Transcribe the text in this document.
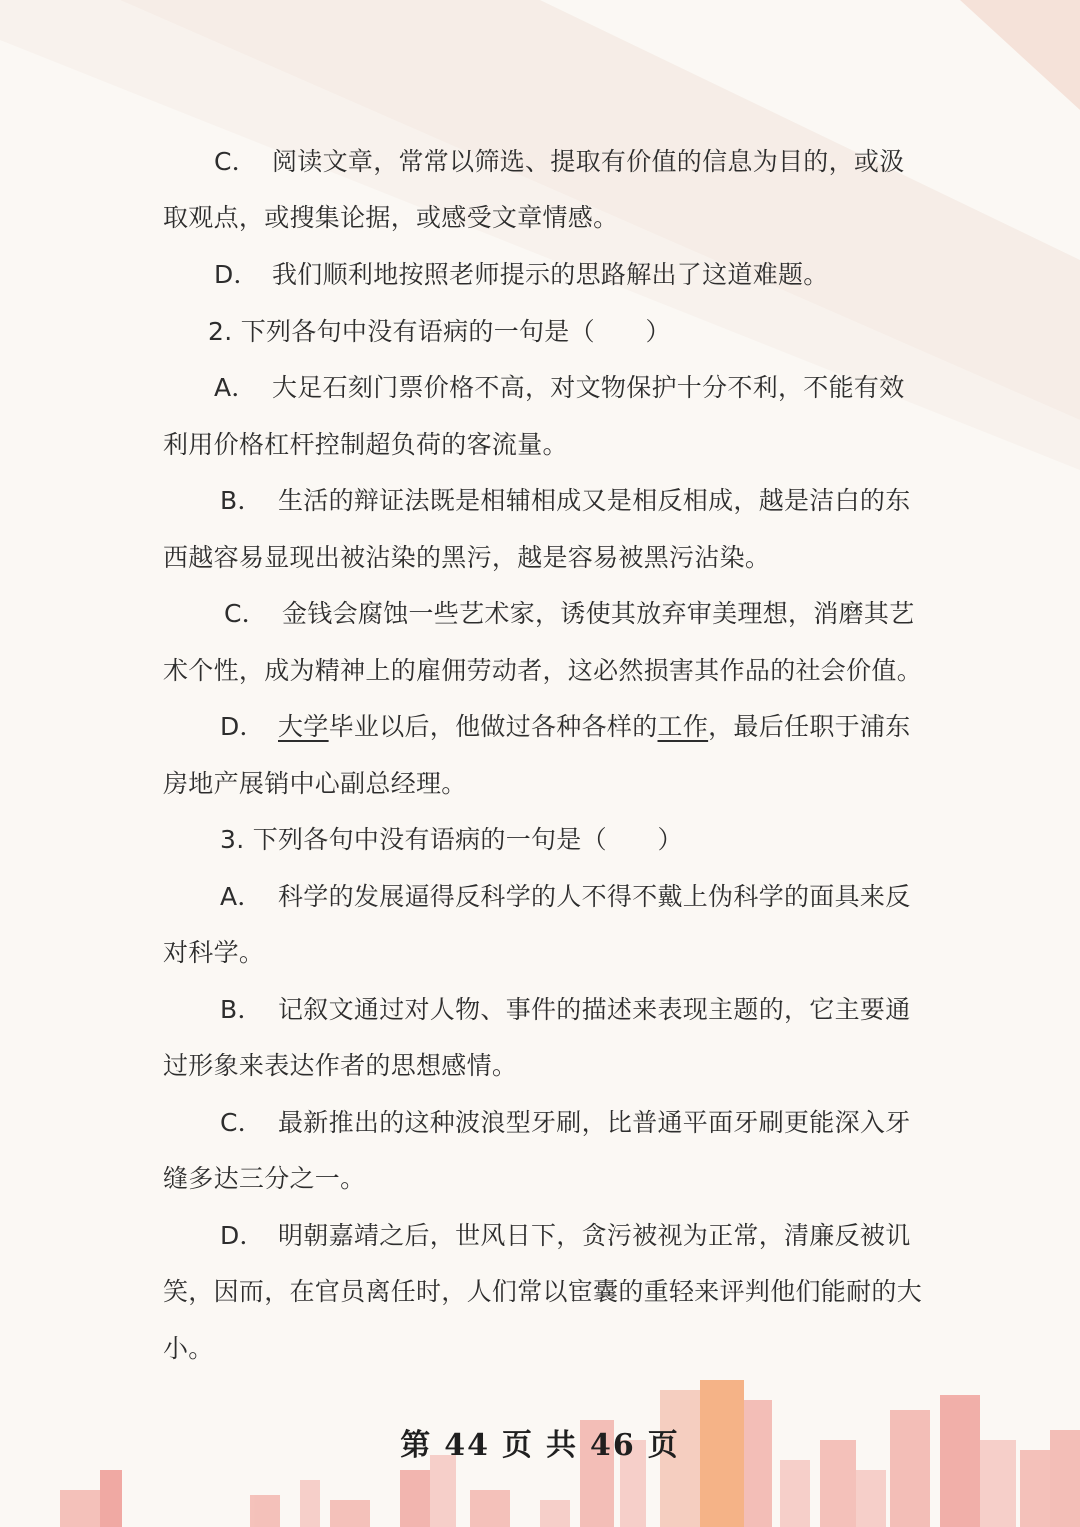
C． 阅读文章，常常以筛选、提取有价值的信息为目的，或汲
取观点，或搜集论据，或感受文章情感。
D． 我们顺利地按照老师提示的思路解出了这道难题。
2. 下列各句中没有语病的一句是（　　）
A． 大足石刻门票价格不高，对文物保护十分不利，不能有效
利用价格杠杆控制超负荷的客流量。
B． 生活的辩证法既是相辅相成又是相反相成，越是洁白的东
西越容易显现出被沾染的黑污，越是容易被黑污沾染。
C． 金钱会腐蚀一些艺术家，诱使其放弃审美理想，消磨其艺
术个性，成为精神上的雇佣劳动者，这必然损害其作品的社会价值。
D． 大学毕业以后，他做过各种各样的工作，最后任职于浦东
房地产展销中心副总经理。
3. 下列各句中没有语病的一句是（　　）
A． 科学的发展逼得反科学的人不得不戴上伪科学的面具来反
对科学。
B． 记叙文通过对人物、事件的描述来表现主题的，它主要通
过形象来表达作者的思想感情。
C． 最新推出的这种波浪型牙刷，比普通平面牙刷更能深入牙
缝多达三分之一。
D． 明朝嘉靖之后，世风日下，贪污被视为正常，清廉反被讥
笑，因而，在官员离任时，人们常以宦囊的重轻来评判他们能耐的大
小。
第 44 页 共 46 页
